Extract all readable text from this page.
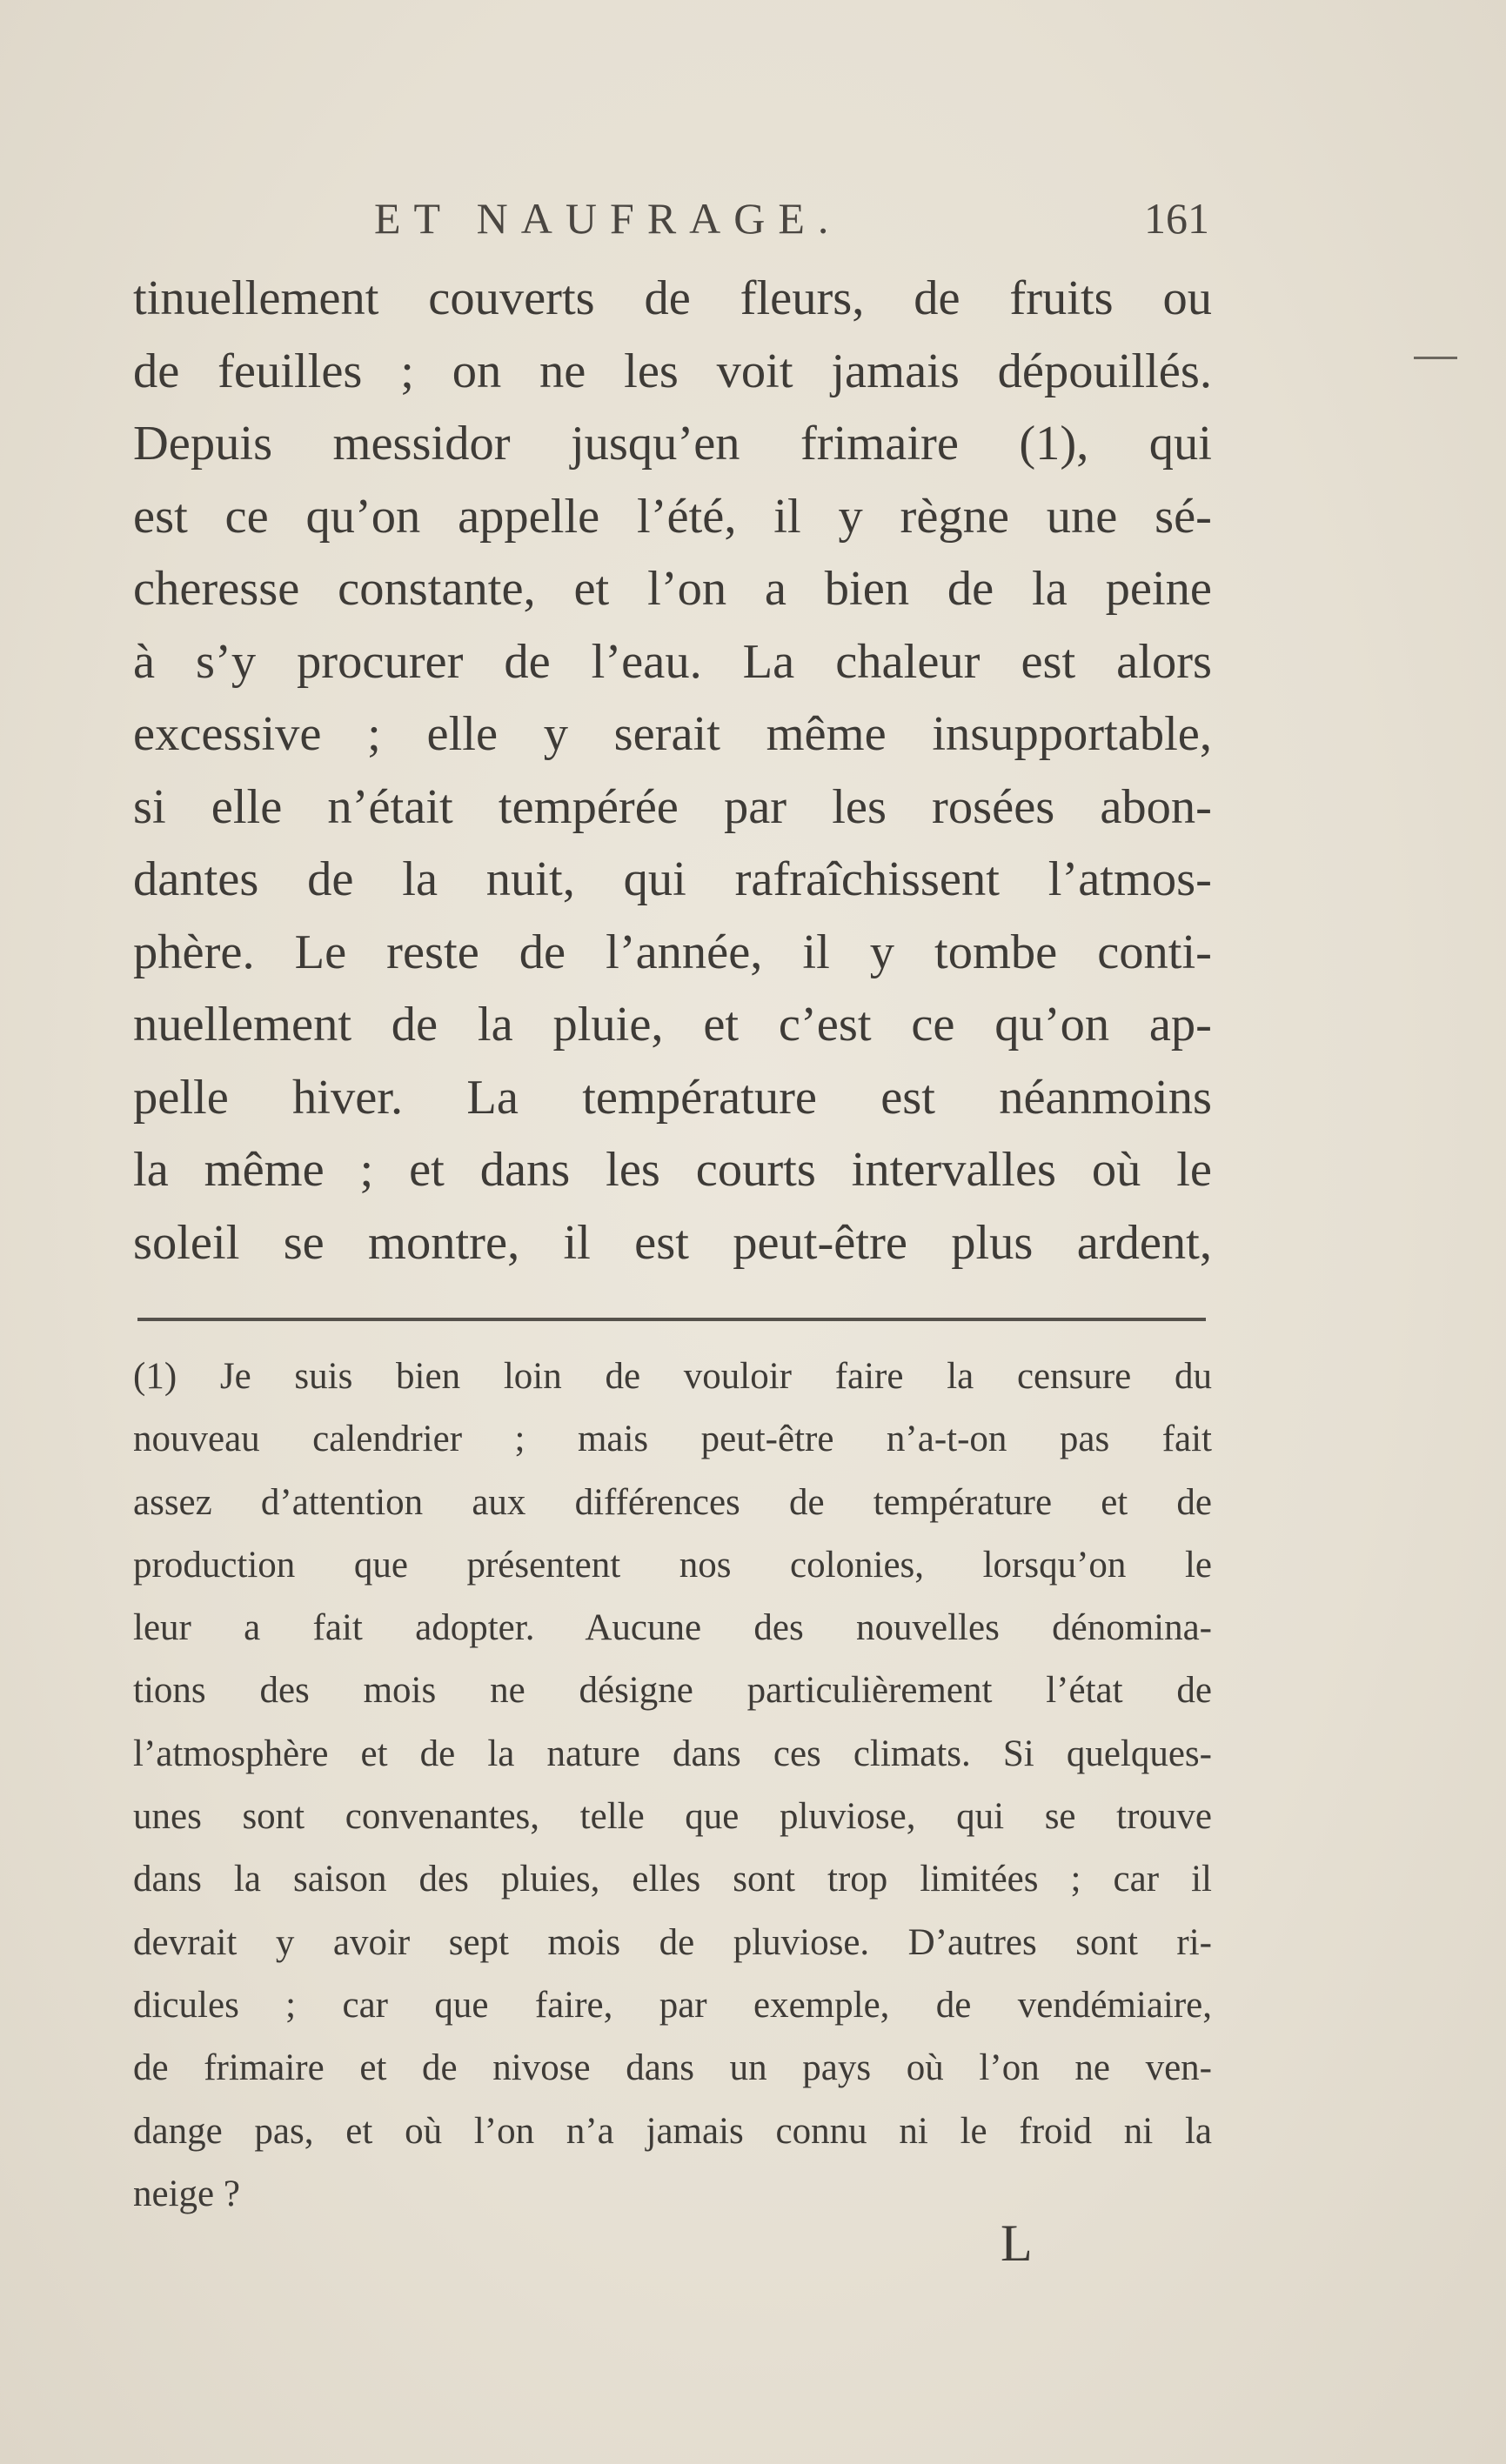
ET NAUFRAGE.	161
tinuellement couverts de fleurs, de fruits ou
de feuilles ; on ne les voit jamais dépouillés.
Depuis messidor jusqu’en frimaire (1), qui
est ce qu’on appelle l’été, il y règne une sé-
cheresse constante, et l’on a bien de la peine
à s’y procurer de l’eau. La chaleur est alors
excessive ; elle y serait même insupportable,
si elle n’était tempérée par les rosées abon-
dantes de la nuit, qui rafraîchissent l’atmos-
phère. Le reste de l’année, il y tombe conti-
nuellement de la pluie, et c’est ce qu’on ap-
pelle hiver. La température est néanmoins
la même ; et dans les courts intervalles où le
soleil se montre, il est peut-être plus ardent,
(1) Je suis bien loin de vouloir faire la censure du
nouveau calendrier ; mais peut-être n’a-t-on pas fait
assez d’attention aux différences de température et de
production que présentent nos colonies, lorsqu’on le
leur a fait adopter. Aucune des nouvelles dénomina-
tions des mois ne désigne particulièrement l’état de
l’atmosphère et de la nature dans ces climats. Si quelques-
unes sont convenantes, telle que pluviose, qui se trouve
dans la saison des pluies, elles sont trop limitées ; car il
devrait y avoir sept mois de pluviose. D’autres sont ri-
dicules ; car que faire, par exemple, de vendémiaire,
de frimaire et de nivose dans un pays où l’on ne ven-
dange pas, et où l’on n’a jamais connu ni le froid ni la
neige ?
L
